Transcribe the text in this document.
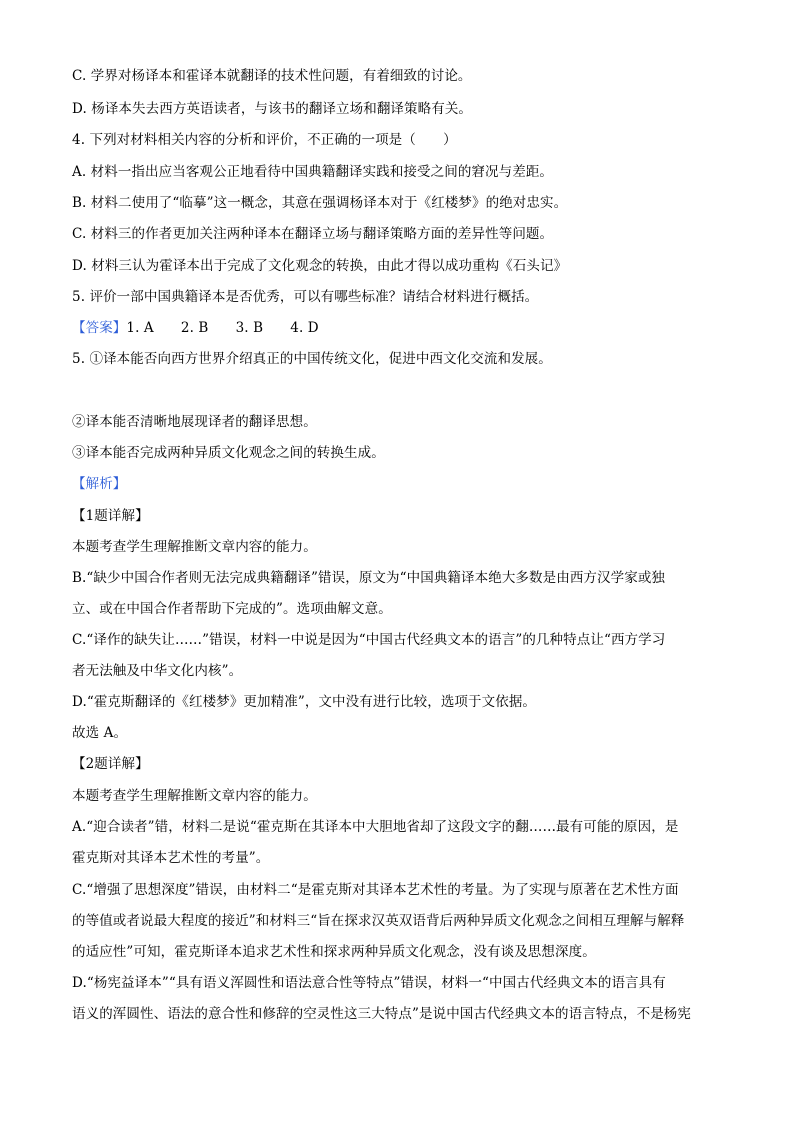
C. 学界对杨译本和霍译本就翻译的技术性问题，有着细致的讨论。
D. 杨译本失去西方英语读者，与该书的翻译立场和翻译策略有关。
4. 下列对材料相关内容的分析和评价，不正确的一项是（　　）
A. 材料一指出应当客观公正地看待中国典籍翻译实践和接受之间的窘况与差距。
B. 材料二使用了“临摹”这一概念，其意在强调杨译本对于《红楼梦》的绝对忠实。
C. 材料三的作者更加关注两种译本在翻译立场与翻译策略方面的差异性等问题。
D. 材料三认为霍译本出于完成了文化观念的转换，由此才得以成功重构《石头记》
5. 评价一部中国典籍译本是否优秀，可以有哪些标准？请结合材料进行概括。
【答案】1. A　　2. B　　3. B　　4. D
5. ①译本能否向西方世界介绍真正的中国传统文化，促进中西文化交流和发展。
②译本能否清晰地展现译者的翻译思想。
③译本能否完成两种异质文化观念之间的转换生成。
【解析】
【1题详解】
本题考查学生理解推断文章内容的能力。
B.“缺少中国合作者则无法完成典籍翻译”错误，原文为“中国典籍译本绝大多数是由西方汉学家或独
立、或在中国合作者帮助下完成的”。选项曲解文意。
C.“译作的缺失让……”错误，材料一中说是因为“中国古代经典文本的语言”的几种特点让“西方学习
者无法触及中华文化内核”。
D.“霍克斯翻译的《红楼梦》更加精准”，文中没有进行比较，选项于文依据。
故选 A。
【2题详解】
本题考查学生理解推断文章内容的能力。
A.“迎合读者”错，材料二是说“霍克斯在其译本中大胆地省却了这段文字的翻……最有可能的原因，是
霍克斯对其译本艺术性的考量”。
C.“增强了思想深度”错误，由材料二“是霍克斯对其译本艺术性的考量。为了实现与原著在艺术性方面
的等值或者说最大程度的接近”和材料三“旨在探求汉英双语背后两种异质文化观念之间相互理解与解释
的适应性”可知，霍克斯译本追求艺术性和探求两种异质文化观念，没有谈及思想深度。
D.“杨宪益译本”“具有语义浑圆性和语法意合性等特点”错误，材料一“中国古代经典文本的语言具有
语义的浑圆性、语法的意合性和修辞的空灵性这三大特点”是说中国古代经典文本的语言特点，不是杨宪
